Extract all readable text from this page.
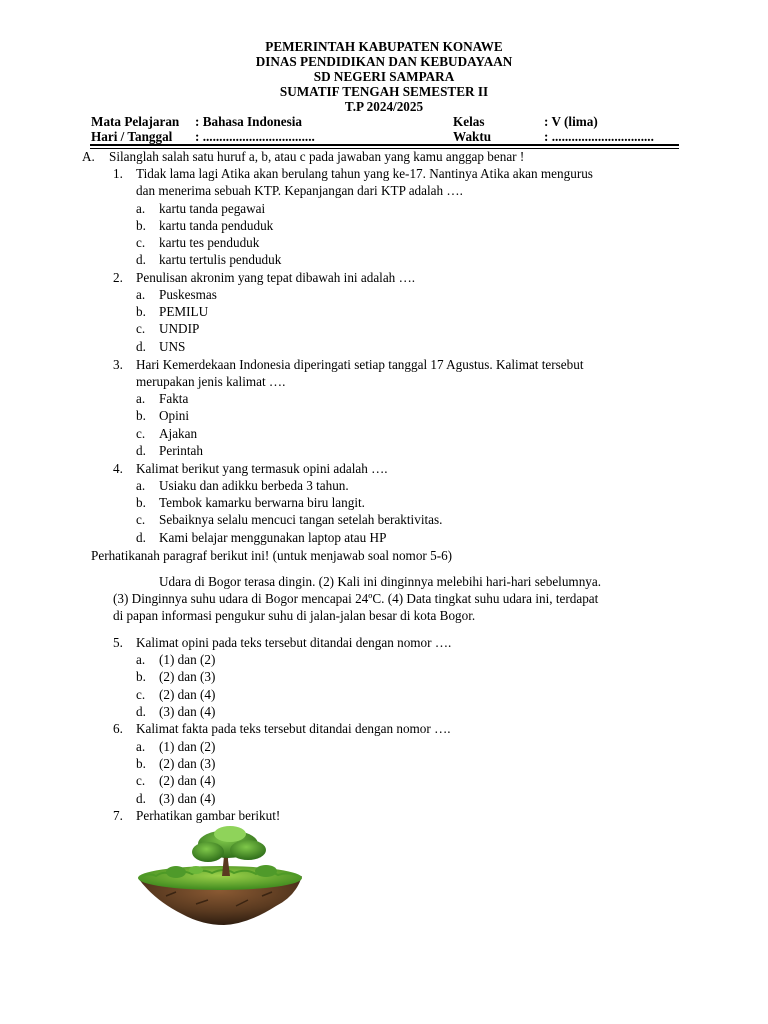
PEMERINTAH KABUPATEN KONAWE
DINAS PENDIDIKAN DAN KEBUDAYAAN
SD NEGERI SAMPARA
SUMATIF TENGAH SEMESTER II
T.P 2024/2025
Mata Pelajaran : Bahasa Indonesia	Kelas	: V (lima)
Hari / Tanggal : ..................................	Waktu	: ...............................
A. Silanglah salah satu huruf a, b, atau c pada jawaban yang kamu anggap benar !
1. Tidak lama lagi Atika akan berulang tahun yang ke-17. Nantinya Atika akan mengurus
dan menerima sebuah KTP. Kepanjangan dari KTP adalah ….
a. kartu tanda pegawai
b. kartu tanda penduduk
c. kartu tes penduduk
d. kartu tertulis penduduk
2. Penulisan akronim yang tepat dibawah ini adalah ….
a. Puskesmas
b. PEMILU
c. UNDIP
d. UNS
3. Hari Kemerdekaan Indonesia diperingati setiap tanggal 17 Agustus. Kalimat tersebut
merupakan jenis kalimat ….
a. Fakta
b. Opini
c. Ajakan
d. Perintah
4. Kalimat berikut yang termasuk opini adalah ….
a. Usiaku dan adikku berbeda 3 tahun.
b. Tembok kamarku berwarna biru langit.
c. Sebaiknya selalu mencuci tangan setelah beraktivitas.
d. Kami belajar menggunakan laptop atau HP
Perhatikanah paragraf berikut ini! (untuk menjawab soal nomor 5-6)
Udara di Bogor terasa dingin. (2) Kali ini dinginnya melebihi hari-hari sebelumnya.
(3) Dinginnya suhu udara di Bogor mencapai 24ºC. (4) Data tingkat suhu udara ini, terdapat
di papan informasi pengukur suhu di jalan-jalan besar di kota Bogor.
5. Kalimat opini pada teks tersebut ditandai dengan nomor ….
a. (1) dan (2)
b. (2) dan (3)
c. (2) dan (4)
d. (3) dan (4)
6. Kalimat fakta pada teks tersebut ditandai dengan nomor ….
a. (1) dan (2)
b. (2) dan (3)
c. (2) dan (4)
d. (3) dan (4)
7. Perhatikan gambar berikut!
